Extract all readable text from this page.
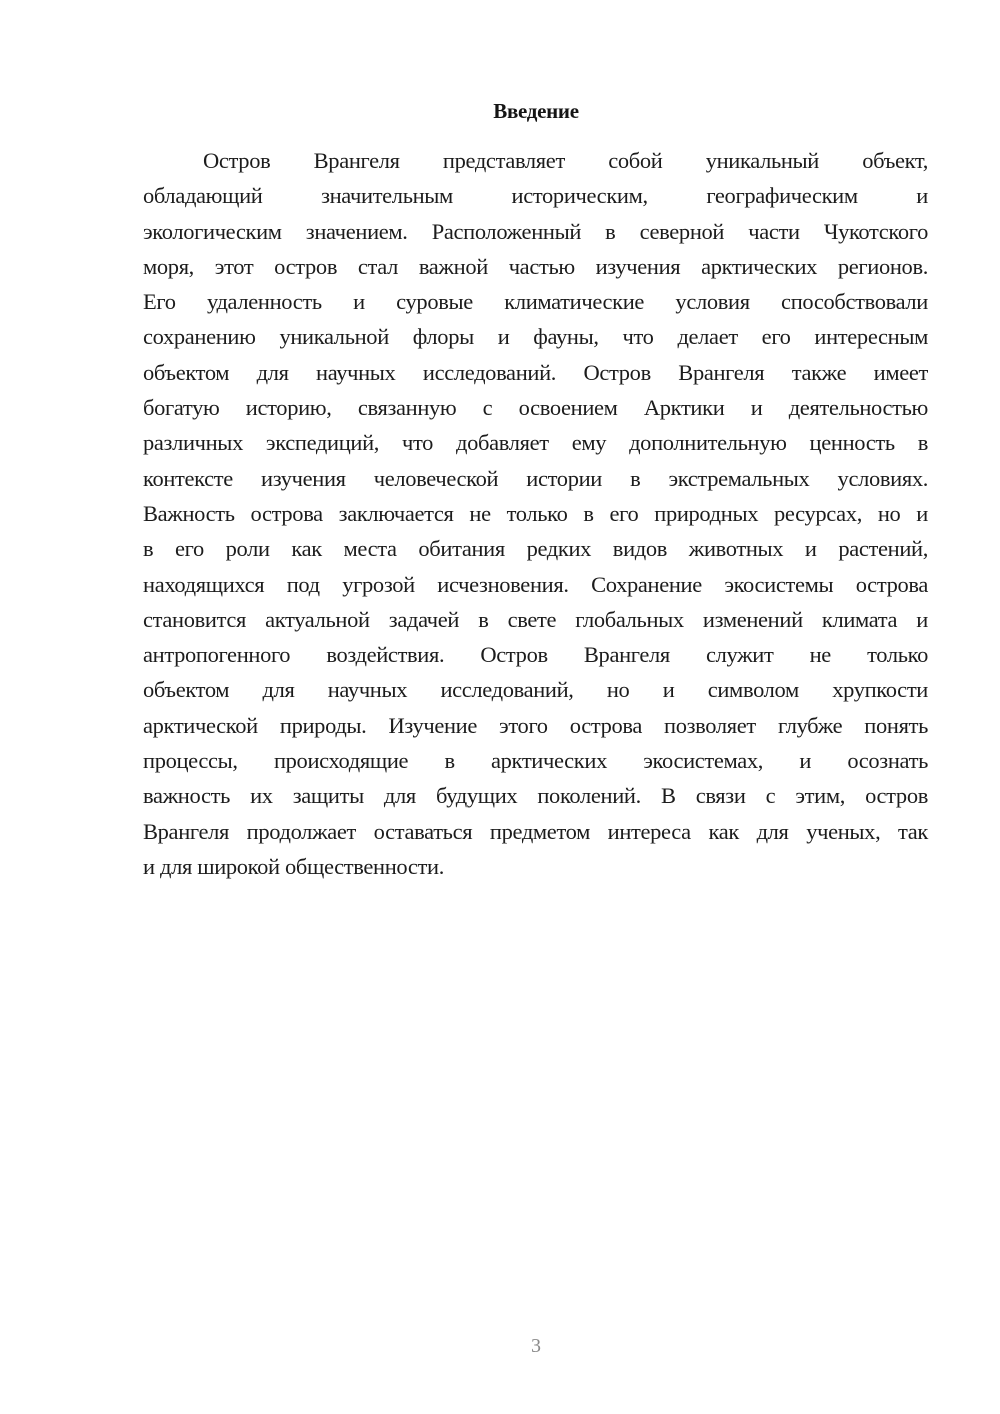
Введение
Остров Врангеля представляет собой уникальный объект,
обладающий значительным историческим, географическим и
экологическим значением. Расположенный в северной части Чукотского
моря, этот остров стал важной частью изучения арктических регионов.
Его удаленность и суровые климатические условия способствовали
сохранению уникальной флоры и фауны, что делает его интересным
объектом для научных исследований. Остров Врангеля также имеет
богатую историю, связанную с освоением Арктики и деятельностью
различных экспедиций, что добавляет ему дополнительную ценность в
контексте изучения человеческой истории в экстремальных условиях.
Важность острова заключается не только в его природных ресурсах, но и
в его роли как места обитания редких видов животных и растений,
находящихся под угрозой исчезновения. Сохранение экосистемы острова
становится актуальной задачей в свете глобальных изменений климата и
антропогенного воздействия. Остров Врангеля служит не только
объектом для научных исследований, но и символом хрупкости
арктической природы. Изучение этого острова позволяет глубже понять
процессы, происходящие в арктических экосистемах, и осознать
важность их защиты для будущих поколений. В связи с этим, остров
Врангеля продолжает оставаться предметом интереса как для ученых, так
и для широкой общественности.
3
